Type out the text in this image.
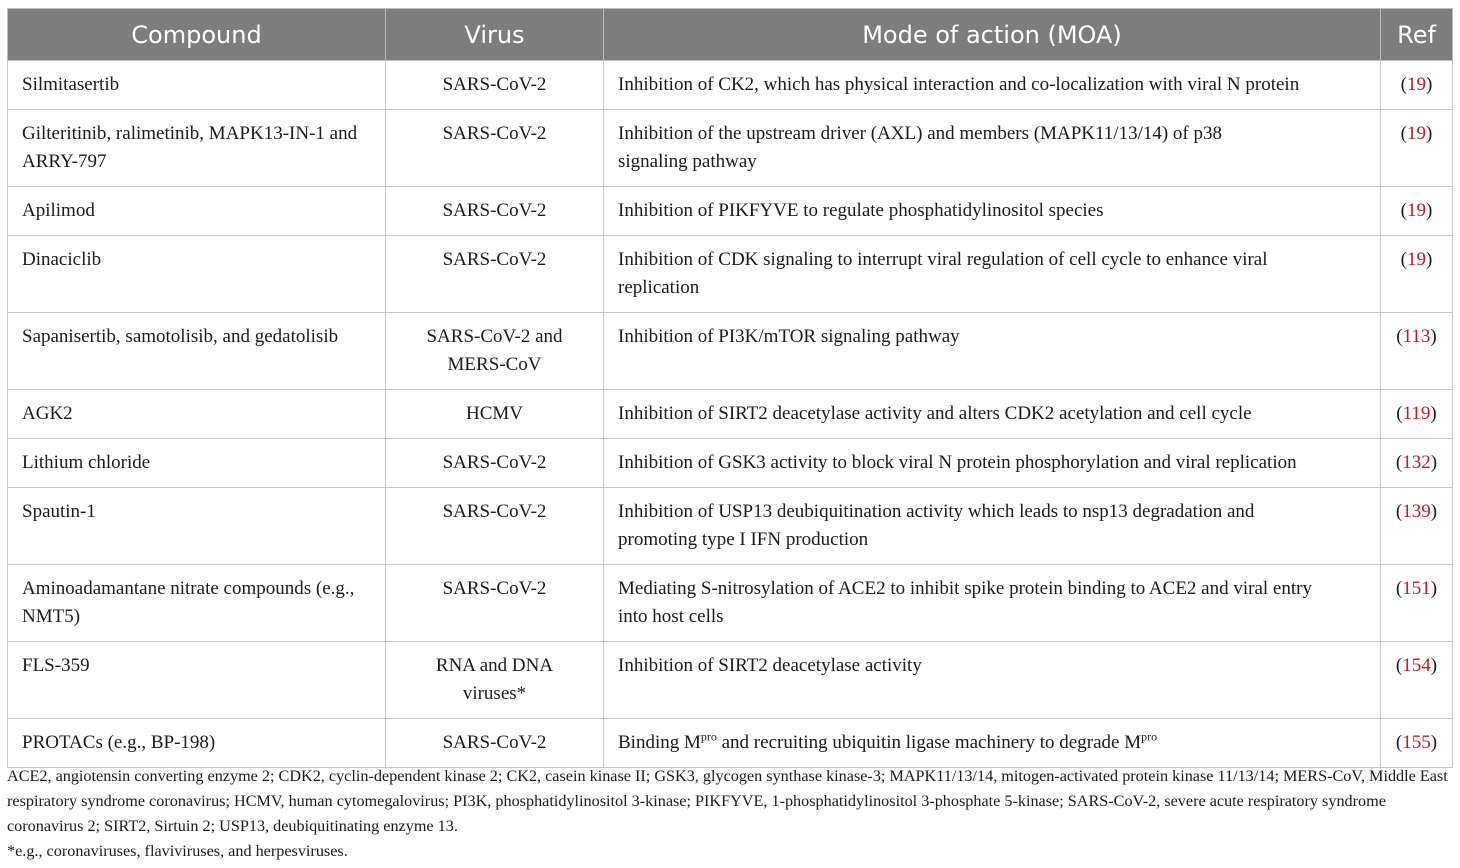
Compound	Virus	Mode of action (MOA)	Ref
Silmitasertib	SARS-CoV-2	Inhibition of CK2, which has physical interaction and co-localization with viral N protein	(19)
Gilteritinib, ralimetinib, MAPK13-IN-1 and ARRY-797	SARS-CoV-2	Inhibition of the upstream driver (AXL) and members (MAPK11/13/14) of p38 signaling pathway	(19)
Apilimod	SARS-CoV-2	Inhibition of PIKFYVE to regulate phosphatidylinositol species	(19)
Dinaciclib	SARS-CoV-2	Inhibition of CDK signaling to interrupt viral regulation of cell cycle to enhance viral replication	(19)
Sapanisertib, samotolisib, and gedatolisib	SARS-CoV-2 and MERS-CoV	Inhibition of PI3K/mTOR signaling pathway	(113)
AGK2	HCMV	Inhibition of SIRT2 deacetylase activity and alters CDK2 acetylation and cell cycle	(119)
Lithium chloride	SARS-CoV-2	Inhibition of GSK3 activity to block viral N protein phosphorylation and viral replication	(132)
Spautin-1	SARS-CoV-2	Inhibition of USP13 deubiquitination activity which leads to nsp13 degradation and promoting type I IFN production	(139)
Aminoadamantane nitrate compounds (e.g., NMT5)	SARS-CoV-2	Mediating S-nitrosylation of ACE2 to inhibit spike protein binding to ACE2 and viral entry into host cells	(151)
FLS-359	RNA and DNA viruses*	Inhibition of SIRT2 deacetylase activity	(154)
PROTACs (e.g., BP-198)	SARS-CoV-2	Binding $M^{pro}$ and recruiting ubiquitin ligase machinery to degrade $M^{pro}$	(155)
ACE2, angiotensin converting enzyme 2; CDK2, cyclin-dependent kinase 2; CK2, casein kinase II; GSK3, glycogen synthase kinase-3; MAPK11/13/14, mitogen-activated protein kinase 11/13/14; MERS-CoV, Middle East respiratory syndrome coronavirus; HCMV, human cytomegalovirus; PI3K, phosphatidylinositol 3-kinase; PIKFYVE, 1-phosphatidylinositol 3-phosphate 5-kinase; SARS-CoV-2, severe acute respiratory syndrome coronavirus 2; SIRT2, Sirtuin 2; USP13, deubiquitinating enzyme 13.
*e.g., coronaviruses, flaviviruses, and herpesviruses.
